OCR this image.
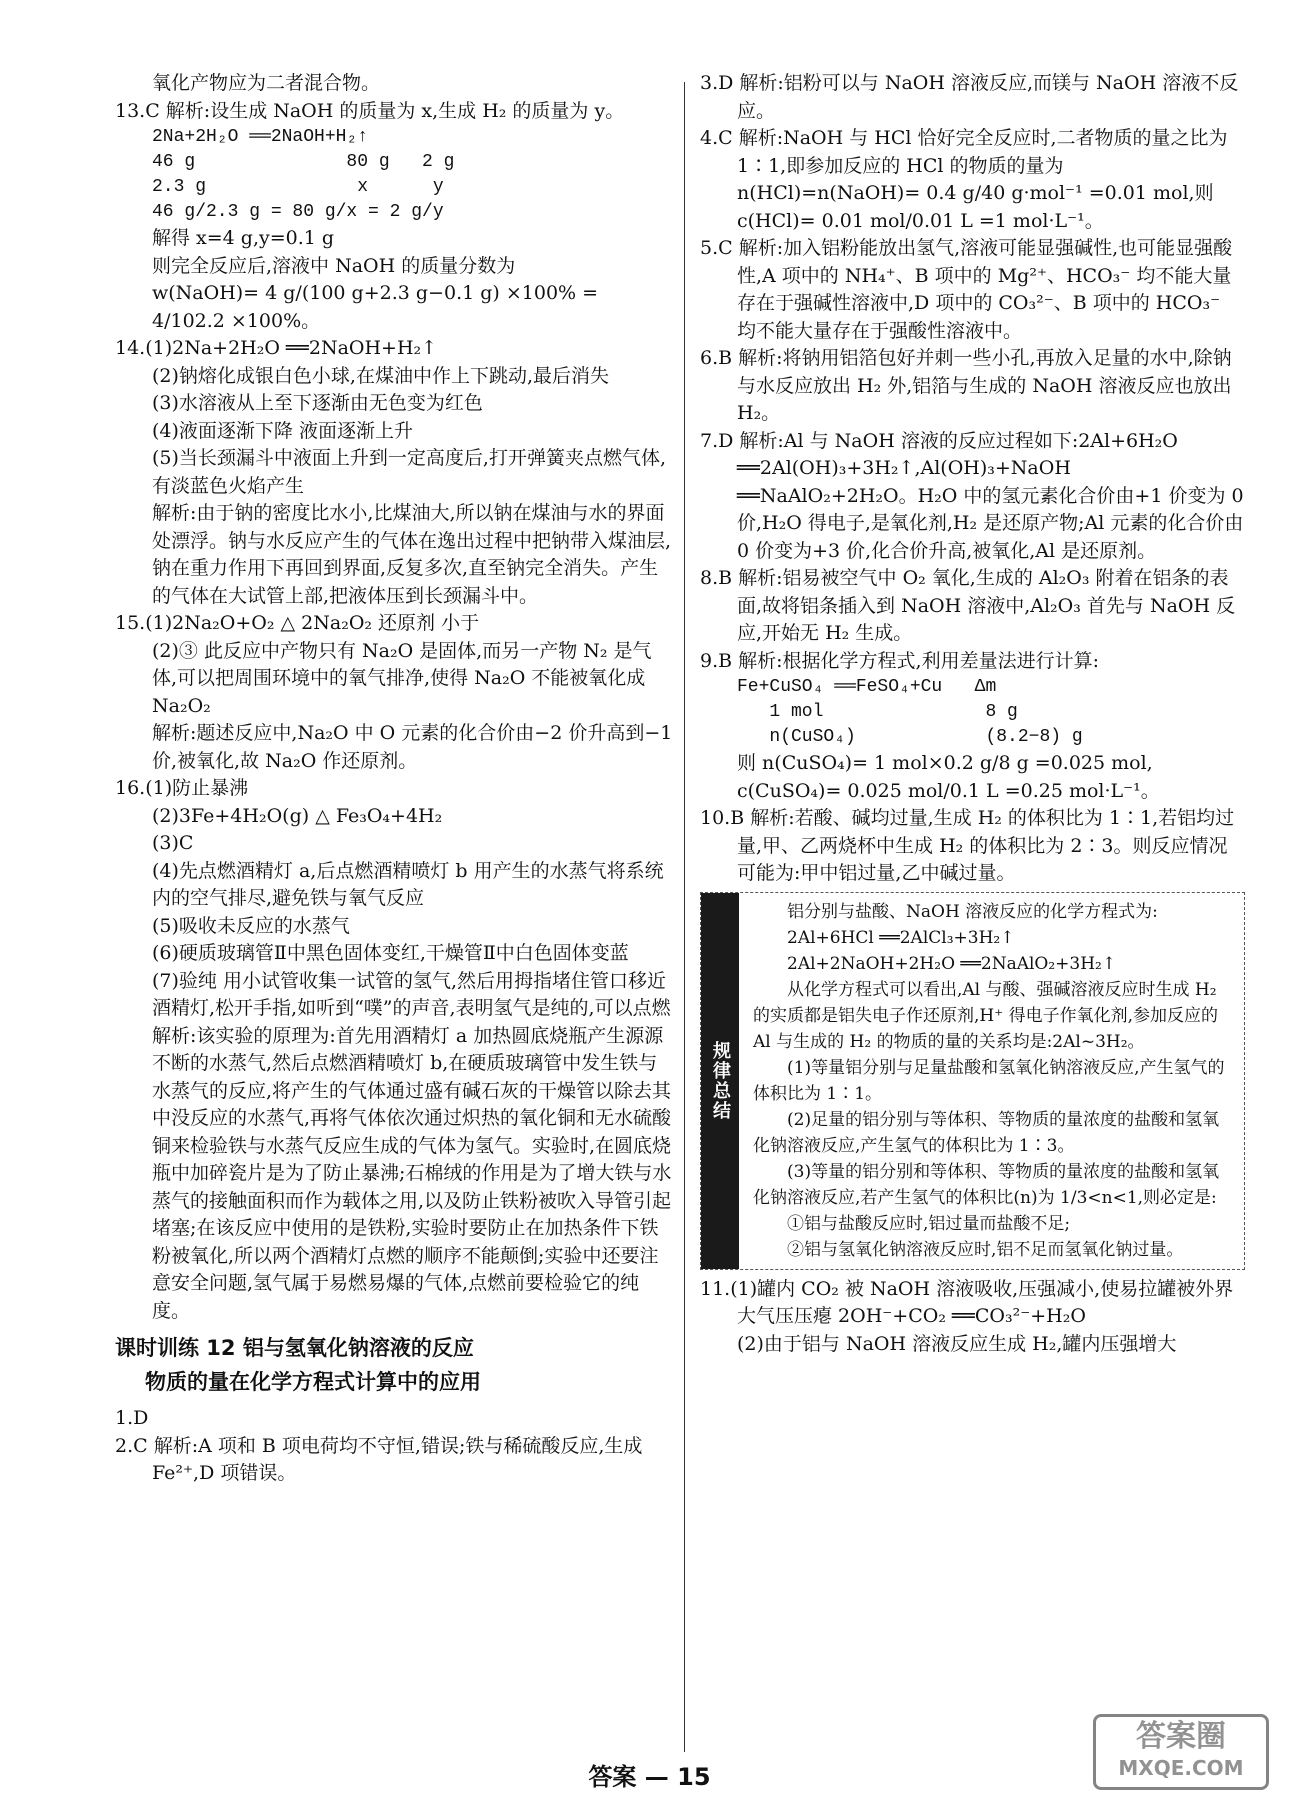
氧化产物应为二者混合物。

13.C 解析:设生成 NaOH 的质量为 x,生成 H₂ 的质量为 y。

2Na+2H₂O ══2NaOH+H₂↑

46 g              80 g   2 g

2.3 g              x      y

46 g/2.3 g = 80 g/x = 2 g/y

解得 x=4 g,y=0.1 g

则完全反应后,溶液中 NaOH 的质量分数为

w(NaOH)= 4 g/(100 g+2.3 g−0.1 g) ×100% = 4/102.2 ×100%。

14.(1)2Na+2H₂O ══2NaOH+H₂↑

(2)钠熔化成银白色小球,在煤油中作上下跳动,最后消失

(3)水溶液从上至下逐渐由无色变为红色

(4)液面逐渐下降 液面逐渐上升

(5)当长颈漏斗中液面上升到一定高度后,打开弹簧夹点燃气体,有淡蓝色火焰产生

解析:由于钠的密度比水小,比煤油大,所以钠在煤油与水的界面处漂浮。钠与水反应产生的气体在逸出过程中把钠带入煤油层,钠在重力作用下再回到界面,反复多次,直至钠完全消失。产生的气体在大试管上部,把液体压到长颈漏斗中。

15.(1)2Na₂O+O₂ △ 2Na₂O₂ 还原剂 小于

(2)③ 此反应中产物只有 Na₂O 是固体,而另一产物 N₂ 是气体,可以把周围环境中的氧气排净,使得 Na₂O 不能被氧化成 Na₂O₂

解析:题述反应中,Na₂O 中 O 元素的化合价由−2 价升高到−1 价,被氧化,故 Na₂O 作还原剂。

16.(1)防止暴沸

(2)3Fe+4H₂O(g) △ Fe₃O₄+4H₂

(3)C

(4)先点燃酒精灯 a,后点燃酒精喷灯 b 用产生的水蒸气将系统内的空气排尽,避免铁与氧气反应

(5)吸收未反应的水蒸气

(6)硬质玻璃管Ⅱ中黑色固体变红,干燥管Ⅱ中白色固体变蓝

(7)验纯 用小试管收集一试管的氢气,然后用拇指堵住管口移近酒精灯,松开手指,如听到“噗”的声音,表明氢气是纯的,可以点燃

解析:该实验的原理为:首先用酒精灯 a 加热圆底烧瓶产生源源不断的水蒸气,然后点燃酒精喷灯 b,在硬质玻璃管中发生铁与水蒸气的反应,将产生的气体通过盛有碱石灰的干燥管以除去其中没反应的水蒸气,再将气体依次通过炽热的氧化铜和无水硫酸铜来检验铁与水蒸气反应生成的气体为氢气。实验时,在圆底烧瓶中加碎瓷片是为了防止暴沸;石棉绒的作用是为了增大铁与水蒸气的接触面积而作为载体之用,以及防止铁粉被吹入导管引起堵塞;在该反应中使用的是铁粉,实验时要防止在加热条件下铁粉被氧化,所以两个酒精灯点燃的顺序不能颠倒;实验中还要注意安全问题,氢气属于易燃易爆的气体,点燃前要检验它的纯度。

课时训练 12 铝与氢氧化钠溶液的反应
物质的量在化学方程式计算中的应用

1.D

2.C 解析:A 项和 B 项电荷均不守恒,错误;铁与稀硫酸反应,生成 Fe²⁺,D 项错误。

3.D 解析:铝粉可以与 NaOH 溶液反应,而镁与 NaOH 溶液不反应。

4.C 解析:NaOH 与 HCl 恰好完全反应时,二者物质的量之比为 1∶1,即参加反应的 HCl 的物质的量为 n(HCl)=n(NaOH)= 0.4 g/40 g·mol⁻¹ =0.01 mol,则 c(HCl)= 0.01 mol/0.01 L =1 mol·L⁻¹。

5.C 解析:加入铝粉能放出氢气,溶液可能显强碱性,也可能显强酸性,A 项中的 NH₄⁺、B 项中的 Mg²⁺、HCO₃⁻ 均不能大量存在于强碱性溶液中,D 项中的 CO₃²⁻、B 项中的 HCO₃⁻ 均不能大量存在于强酸性溶液中。

6.B 解析:将钠用铝箔包好并刺一些小孔,再放入足量的水中,除钠与水反应放出 H₂ 外,铝箔与生成的 NaOH 溶液反应也放出 H₂。

7.D 解析:Al 与 NaOH 溶液的反应过程如下:2Al+6H₂O ══2Al(OH)₃+3H₂↑,Al(OH)₃+NaOH ══NaAlO₂+2H₂O。H₂O 中的氢元素化合价由+1 价变为 0 价,H₂O 得电子,是氧化剂,H₂ 是还原产物;Al 元素的化合价由 0 价变为+3 价,化合价升高,被氧化,Al 是还原剂。

8.B 解析:铝易被空气中 O₂ 氧化,生成的 Al₂O₃ 附着在铝条的表面,故将铝条插入到 NaOH 溶液中,Al₂O₃ 首先与 NaOH 反应,开始无 H₂ 生成。

9.B 解析:根据化学方程式,利用差量法进行计算:

Fe+CuSO₄ ══FeSO₄+Cu   Δm

1 mol               8 g

n(CuSO₄)            (8.2−8) g

则 n(CuSO₄)= 1 mol×0.2 g/8 g =0.025 mol,

c(CuSO₄)= 0.025 mol/0.1 L =0.25 mol·L⁻¹。

10.B 解析:若酸、碱均过量,生成 H₂ 的体积比为 1∶1,若铝均过量,甲、乙两烧杯中生成 H₂ 的体积比为 2∶3。则反应情况可能为:甲中铝过量,乙中碱过量。

规律总结

铝分别与盐酸、NaOH 溶液反应的化学方程式为:

2Al+6HCl ══2AlCl₃+3H₂↑

2Al+2NaOH+2H₂O ══2NaAlO₂+3H₂↑

从化学方程式可以看出,Al 与酸、强碱溶液反应时生成 H₂ 的实质都是铝失电子作还原剂,H⁺ 得电子作氧化剂,参加反应的 Al 与生成的 H₂ 的物质的量的关系均是:2Al~3H₂。

(1)等量铝分别与足量盐酸和氢氧化钠溶液反应,产生氢气的体积比为 1∶1。

(2)足量的铝分别与等体积、等物质的量浓度的盐酸和氢氧化钠溶液反应,产生氢气的体积比为 1∶3。

(3)等量的铝分别和等体积、等物质的量浓度的盐酸和氢氧化钠溶液反应,若产生氢气的体积比(n)为 1/3<n<1,则必定是:

①铝与盐酸反应时,铝过量而盐酸不足;

②铝与氢氧化钠溶液反应时,铝不足而氢氧化钠过量。

11.(1)罐内 CO₂ 被 NaOH 溶液吸收,压强减小,使易拉罐被外界大气压压瘪 2OH⁻+CO₂ ══CO₃²⁻+H₂O

(2)由于铝与 NaOH 溶液反应生成 H₂,罐内压强增大

答案 — 15
答案圈
MXQE.COM
